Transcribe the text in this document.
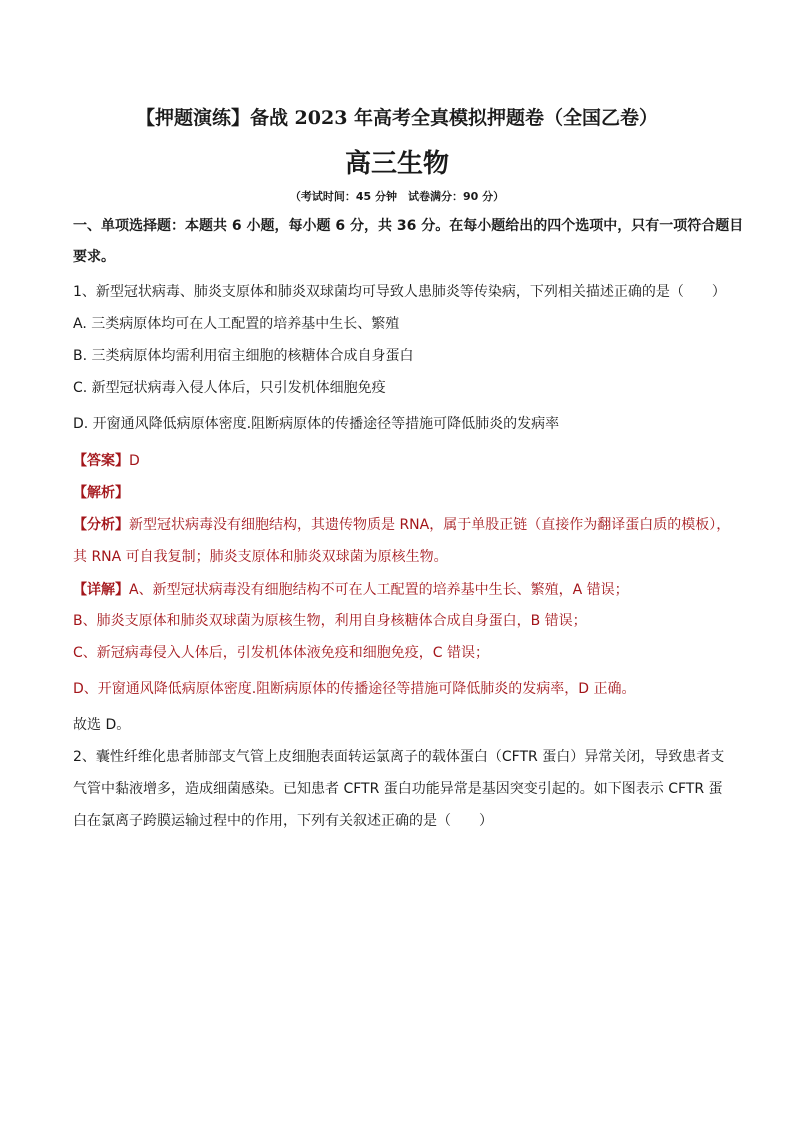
【押题演练】备战 2023 年高考全真模拟押题卷（全国乙卷）
高三生物
（考试时间：45 分钟　试卷满分：90 分）
一、单项选择题：本题共 6 小题，每小题 6 分，共 36 分。在每小题给出的四个选项中，只有一项符合题目
要求。
1、新型冠状病毒、肺炎支原体和肺炎双球菌均可导致人患肺炎等传染病，下列相关描述正确的是（　　）
A. 三类病原体均可在人工配置的培养基中生长、繁殖
B. 三类病原体均需利用宿主细胞的核糖体合成自身蛋白
C. 新型冠状病毒入侵人体后，只引发机体细胞免疫
D. 开窗通风降低病原体密度.阻断病原体的传播途径等措施可降低肺炎的发病率
【答案】D
【解析】
【分析】新型冠状病毒没有细胞结构，其遗传物质是 RNA，属于单股正链（直接作为翻译蛋白质的模板），
其 RNA 可自我复制；肺炎支原体和肺炎双球菌为原核生物。
【详解】A、新型冠状病毒没有细胞结构不可在人工配置的培养基中生长、繁殖，A 错误；
B、肺炎支原体和肺炎双球菌为原核生物，利用自身核糖体合成自身蛋白，B 错误；
C、新冠病毒侵入人体后，引发机体体液免疫和细胞免疫，C 错误；
D、开窗通风降低病原体密度.阻断病原体的传播途径等措施可降低肺炎的发病率，D 正确。
故选 D。
2、囊性纤维化患者肺部支气管上皮细胞表面转运氯离子的载体蛋白（CFTR 蛋白）异常关闭，导致患者支
气管中黏液增多，造成细菌感染。已知患者 CFTR 蛋白功能异常是基因突变引起的。如下图表示 CFTR 蛋
白在氯离子跨膜运输过程中的作用，下列有关叙述正确的是（　　）
